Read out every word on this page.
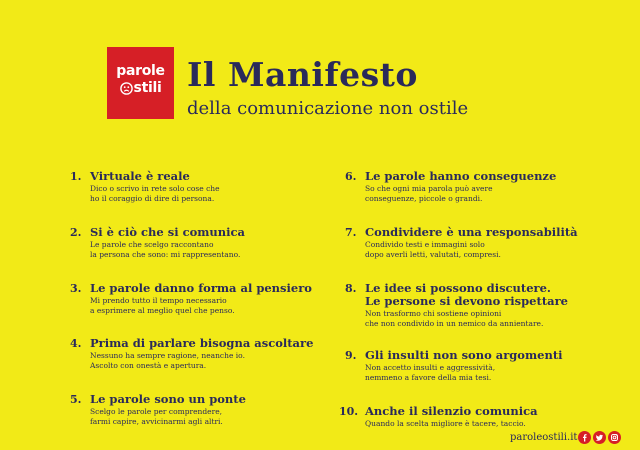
parole
stili Il Manifesto
della comunicazione non ostile
1. Virtuale è reale
Dico o scrivo in rete solo cose che
ho il coraggio di dire di persona.
2. Si è ciò che si comunica
Le parole che scelgo raccontano
la persona che sono: mi rappresentano.
3. Le parole danno forma al pensiero
Mi prendo tutto il tempo necessario
a esprimere al meglio quel che penso.
4. Prima di parlare bisogna ascoltare
Nessuno ha sempre ragione, neanche io.
Ascolto con onestà e apertura.
5. Le parole sono un ponte
Scelgo le parole per comprendere,
farmi capire, avvicinarmi agli altri.
6. Le parole hanno conseguenze
So che ogni mia parola può avere
conseguenze, piccole o grandi.
7. Condividere è una responsabilità
Condivido testi e immagini solo
dopo averli letti, valutati, compresi.
8. Le idee si possono discutere.
Le persone si devono rispettare
Non trasformo chi sostiene opinioni
che non condivido in un nemico da annientare.
9. Gli insulti non sono argomenti
Non accetto insulti e aggressività,
nemmeno a favore della mia tesi.
10. Anche il silenzio comunica
Quando la scelta migliore è tacere, taccio.
paroleostili.it
